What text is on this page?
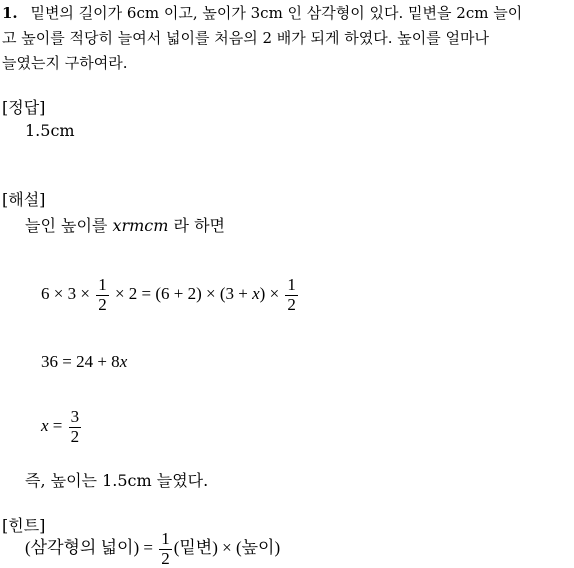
1. 밑변의 길이가 6cm 이고, 높이가 3cm 인 삼각형이 있다. 밑변을 2cm 늘이
고 높이를 적당히 늘여서 넓이를 처음의 2 배가 되게 하였다. 높이를 얼마나
늘였는지 구하여라.
[정답]
1.5cm
[해설]
늘인 높이를 xrmcm 라 하면
$6 \times 3 \times \frac{1}{2} \times 2 = (6 + 2) \times (3 + x) \times \frac{1}{2}$
36 = 24 + 8x
$x = \frac{3}{2}$
즉, 높이는 1.5cm 늘였다.
[힌트]
(삼각형의 넓이) = $\frac{1}{2}$ (밑변) × (높이)
